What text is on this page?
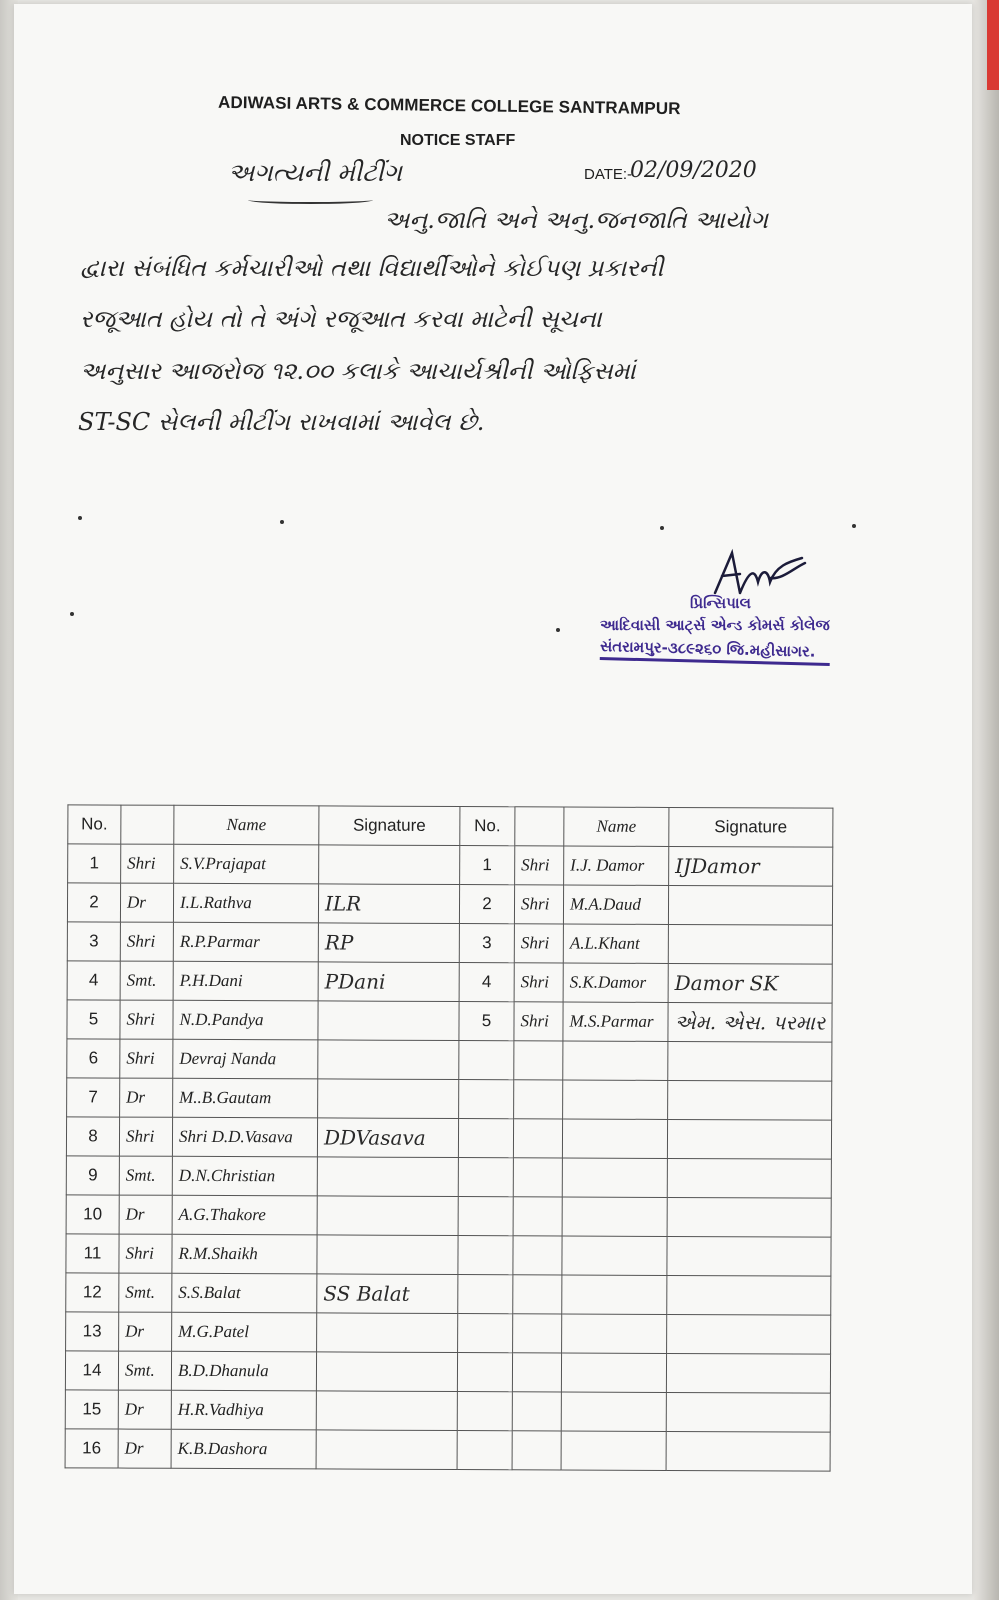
ADIWASI ARTS & COMMERCE COLLEGE SANTRAMPUR
NOTICE STAFF
અગત્યની મીટીંગ	DATE:-
02/09/2020
અનુ.જાતિ અને અનુ.જનજાતિ આયોગ
દ્વારા સંબંધિત કર્મચારીઓ તથા વિદ્યાર્થીઓને કોઈપણ પ્રકારની
રજૂઆત હોય તો તે અંગે રજૂઆત કરવા માટેની સૂચના
અનુસાર આજરોજ ૧૨.૦૦ કલાકે આચાર્યશ્રીની ઓફિસમાં
ST-SC સેલની મીટીંગ રાખવામાં આવેલ છે.
Arp
પ્રિન્સિપાલ
આદિવાસી આર્ટ્સ એન્ડ કોમર્સ કોલેજ
સંતરામપુર-૩૮૯૨૬૦ જિ.મહીસાગર.
No.		Name	Signature	No.		Name	Signature
1	Shri	S.V.Prajapat		1	Shri	I.J. Damor	IJDamor
2	Dr	I.L.Rathva	ILR	2	Shri	M.A.Daud	
3	Shri	R.P.Parmar	RP	3	Shri	A.L.Khant	
4	Smt.	P.H.Dani	PDani	4	Shri	S.K.Damor	Damor SK
5	Shri	N.D.Pandya		5	Shri	M.S.Parmar	એમ. એસ. પરમાર
6	Shri	Devraj Nanda					
7	Dr	M..B.Gautam					
8	Shri	Shri D.D.Vasava	DDVasava				
9	Smt.	D.N.Christian					
10	Dr	A.G.Thakore					
11	Shri	R.M.Shaikh					
12	Smt.	S.S.Balat	SS Balat				
13	Dr	M.G.Patel					
14	Smt.	B.D.Dhanula					
15	Dr	H.R.Vadhiya					
16	Dr	K.B.Dashora					
